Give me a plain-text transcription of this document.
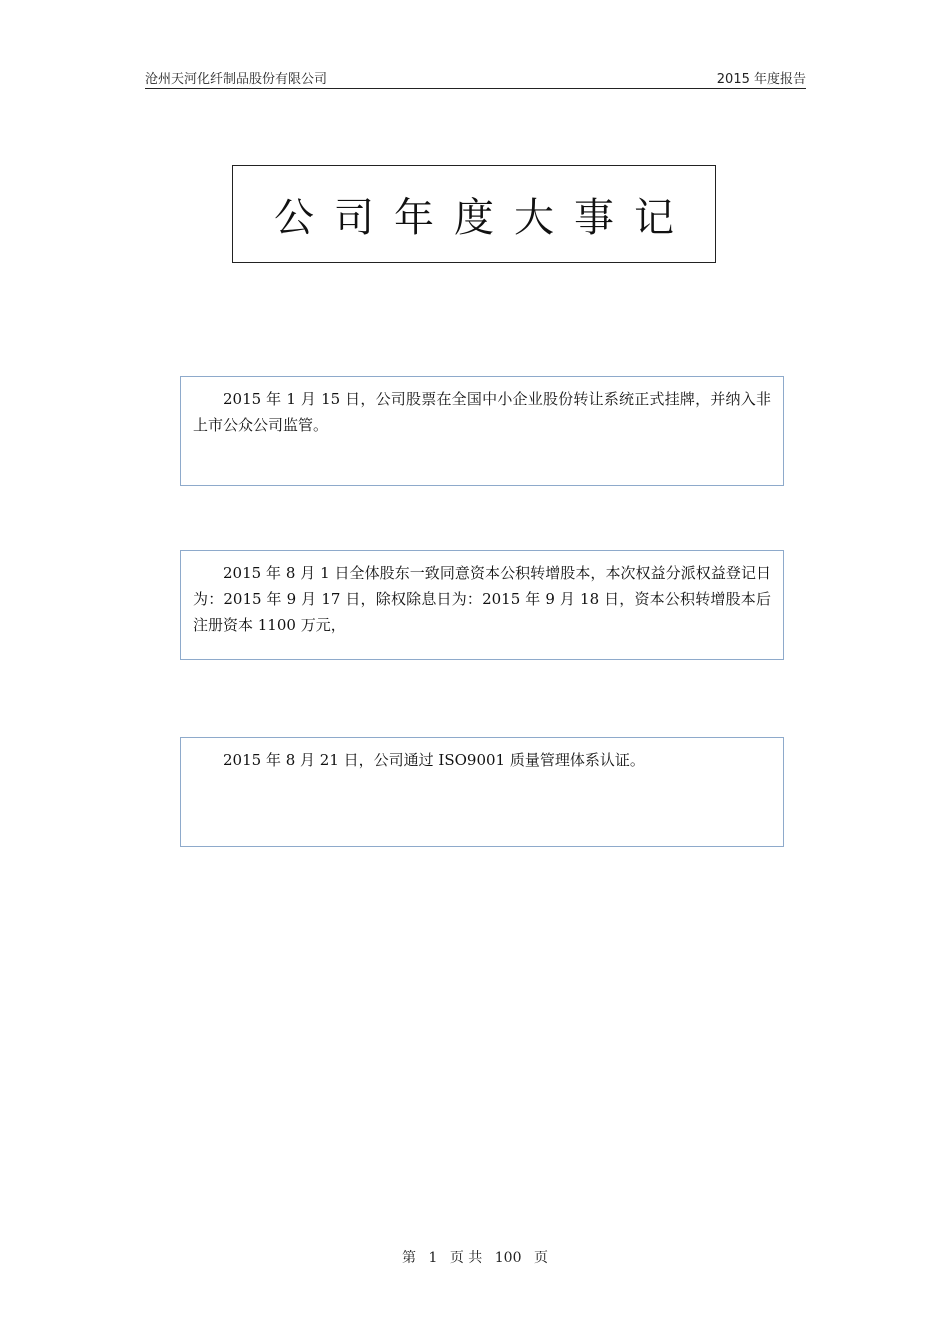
沧州天河化纤制品股份有限公司	2015 年度报告
公司年度大事记
2015 年 1 月 15 日，公司股票在全国中小企业股份转让系统正式挂牌，并纳入非上市公众公司监管。
2015 年 8 月 1 日全体股东一致同意资本公积转增股本，本次权益分派权益登记日为：2015 年 9 月 17 日，除权除息日为：2015 年 9 月 18 日，资本公积转增股本后注册资本 1100 万元，
2015 年 8 月 21 日，公司通过 ISO9001 质量管理体系认证。
第 1 页 共 100 页
